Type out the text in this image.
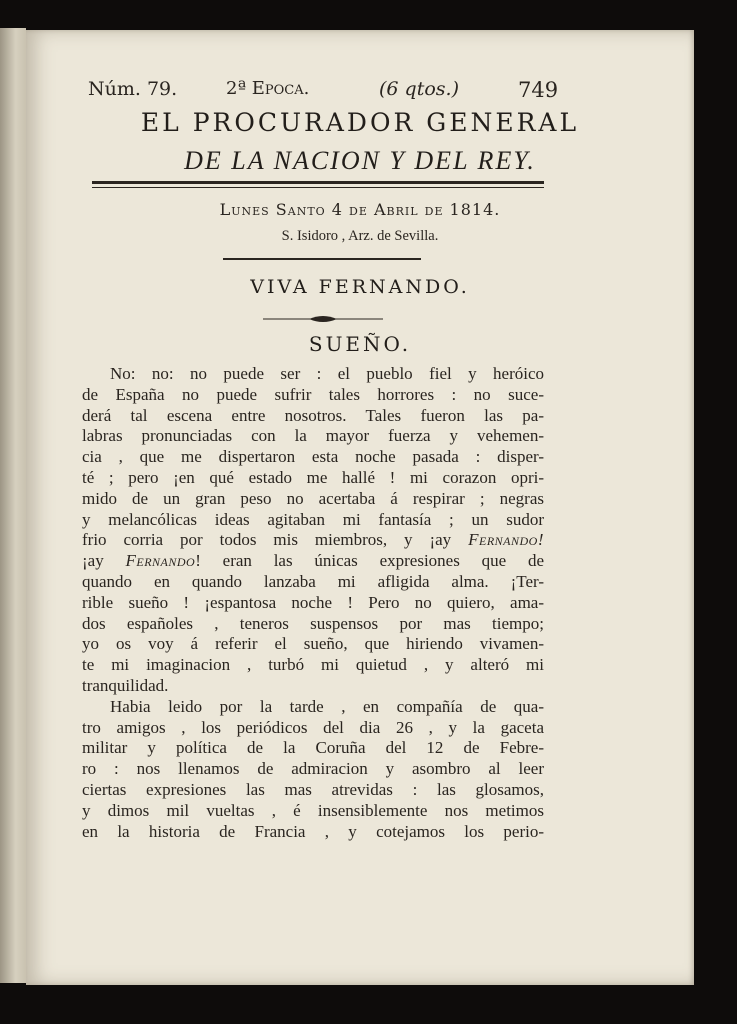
Núm. 79.	2ª Epoca.	(6 qtos.)	749
EL PROCURADOR GENERAL
DE LA NACION Y DEL REY.
Lunes Santo 4 de Abril de 1814.
S. Isidoro , Arz. de Sevilla.
VIVA FERNANDO.
SUEÑO.
No: no: no puede ser : el pueblo fiel y heróico
de España no puede sufrir tales horrores : no suce-
derá tal escena entre nosotros. Tales fueron las pa-
labras pronunciadas con la mayor fuerza y vehemen-
cia , que me dispertaron esta noche pasada : disper-
té ; pero ¡en qué estado me hallé ! mi corazon opri-
mido de un gran peso no acertaba á respirar ; negras
y melancólicas ideas agitaban mi fantasía ; un sudor
frio corria por todos mis miembros, y ¡ay Fernando!
¡ay Fernando! eran las únicas expresiones que de
quando en quando lanzaba mi afligida alma. ¡Ter-
rible sueño ! ¡espantosa noche ! Pero no quiero, ama-
dos españoles , teneros suspensos por mas tiempo;
yo os voy á referir el sueño, que hiriendo vivamen-
te mi imaginacion , turbó mi quietud , y alteró mi
tranquilidad.
Habia leido por la tarde , en compañía de qua-
tro amigos , los periódicos del dia 26 , y la gaceta
militar y política de la Coruña del 12 de Febre-
ro : nos llenamos de admiracion y asombro al leer
ciertas expresiones las mas atrevidas : las glosamos,
y dimos mil vueltas , é insensiblemente nos metimos
en la historia de Francia , y cotejamos los perio-
